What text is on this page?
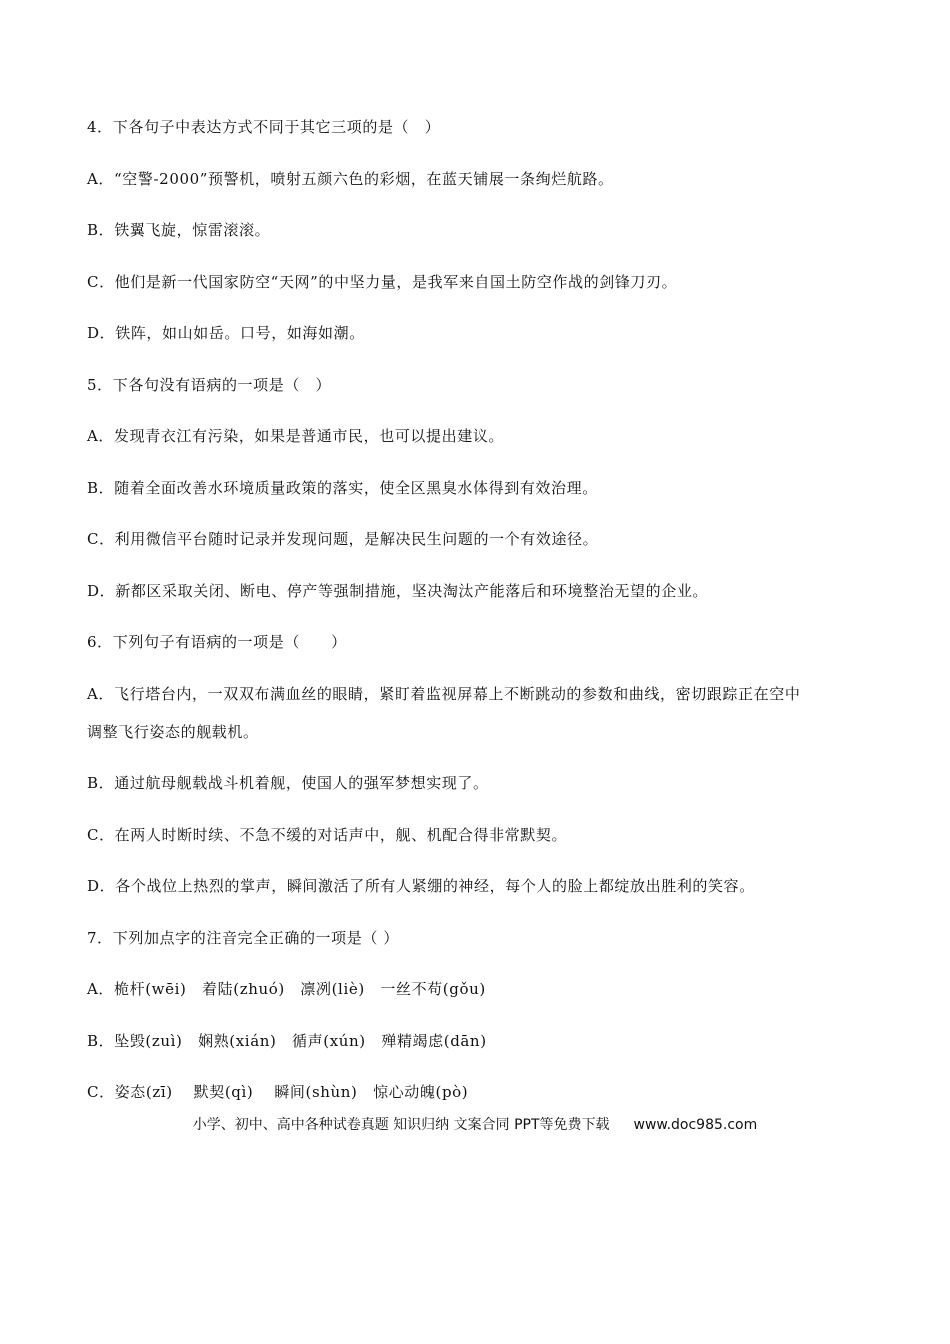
4．下各句子中表达方式不同于其它三项的是（　）
A．“空警-2000”预警机，喷射五颜六色的彩烟，在蓝天铺展一条绚烂航路。
B．铁翼飞旋，惊雷滚滚。
C．他们是新一代国家防空“天网”的中坚力量，是我军来自国土防空作战的剑锋刀刃。
D．铁阵，如山如岳。口号，如海如潮。
5．下各句没有语病的一项是（　）
A．发现青衣江有污染，如果是普通市民，也可以提出建议。
B．随着全面改善水环境质量政策的落实，使全区黑臭水体得到有效治理。
C．利用微信平台随时记录并发现问题，是解决民生问题的一个有效途径。
D．新都区采取关闭、断电、停产等强制措施，坚决淘汰产能落后和环境整治无望的企业。
6．下列句子有语病的一项是（　　）
A．飞行塔台内，一双双布满血丝的眼睛，紧盯着监视屏幕上不断跳动的参数和曲线，密切跟踪正在空中
调整飞行姿态的舰载机。
B．通过航母舰载战斗机着舰，使国人的强军梦想实现了。
C．在两人时断时续、不急不缓的对话声中，舰、机配合得非常默契。
D．各个战位上热烈的掌声，瞬间激活了所有人紧绷的神经，每个人的脸上都绽放出胜利的笑容。
7．下列加点字的注音完全正确的一项是（ ）
A．桅杆(wēi)　着陆(zhuó)　凛冽(liè)　一丝不苟(gǒu)
B．坠毁(zuì)　娴熟(xián)　循声(xún)　殚精竭虑(dān)
C．姿态(zī)　 默契(qì)　 瞬间(shùn)　惊心动魄(pò)
小学、初中、高中各种试卷真题 知识归纳 文案合同 PPT等免费下载 www.doc985.com
